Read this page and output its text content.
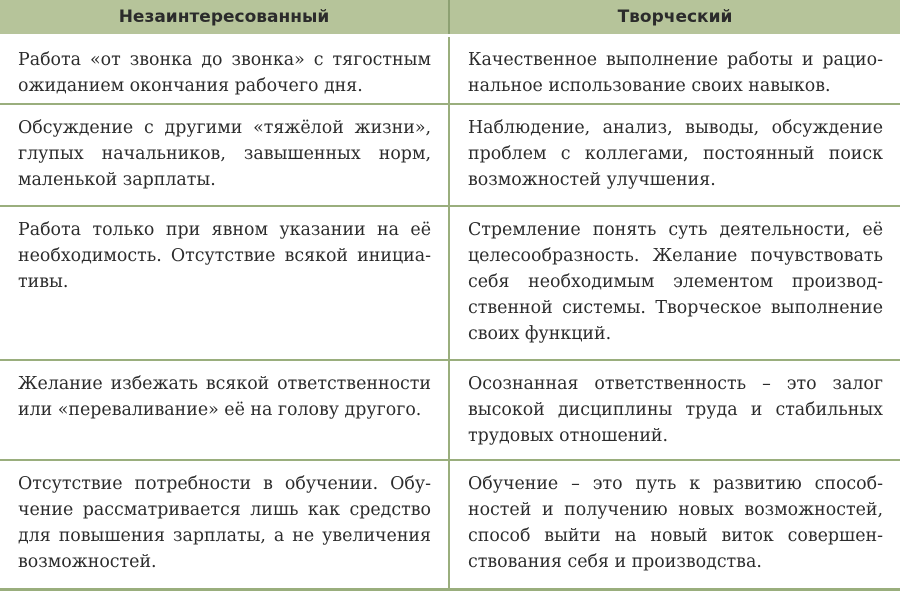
Незаинтересованный	Творческий
Работа «от звонка до звонка» с тягостным ожиданием окончания рабочего дня.	Качественное выполнение работы и рациональное использование своих навыков.
Обсуждение с другими «тяжёлой жизни», глупых начальников, завышенных норм, маленькой зарплаты.	Наблюдение, анализ, выводы, обсуждение проблем с коллегами, постоянный поиск возможностей улучшения.
Работа только при явном указании на её необходимость. Отсутствие всякой инициативы.	Стремление понять суть деятельности, её целесообразность. Желание почувствовать себя необходимым элементом производственной системы. Творческое выполнение своих функций.
Желание избежать всякой ответственности или «переваливание» её на голову другого.	Осознанная ответственность – это залог высокой дисциплины труда и стабильных трудовых отношений.
Отсутствие потребности в обучении. Обучение рассматривается лишь как средство для повышения зарплаты, а не увеличения возможностей.	Обучение – это путь к развитию способностей и получению новых возможностей, способ выйти на новый виток совершенствования себя и производства.
